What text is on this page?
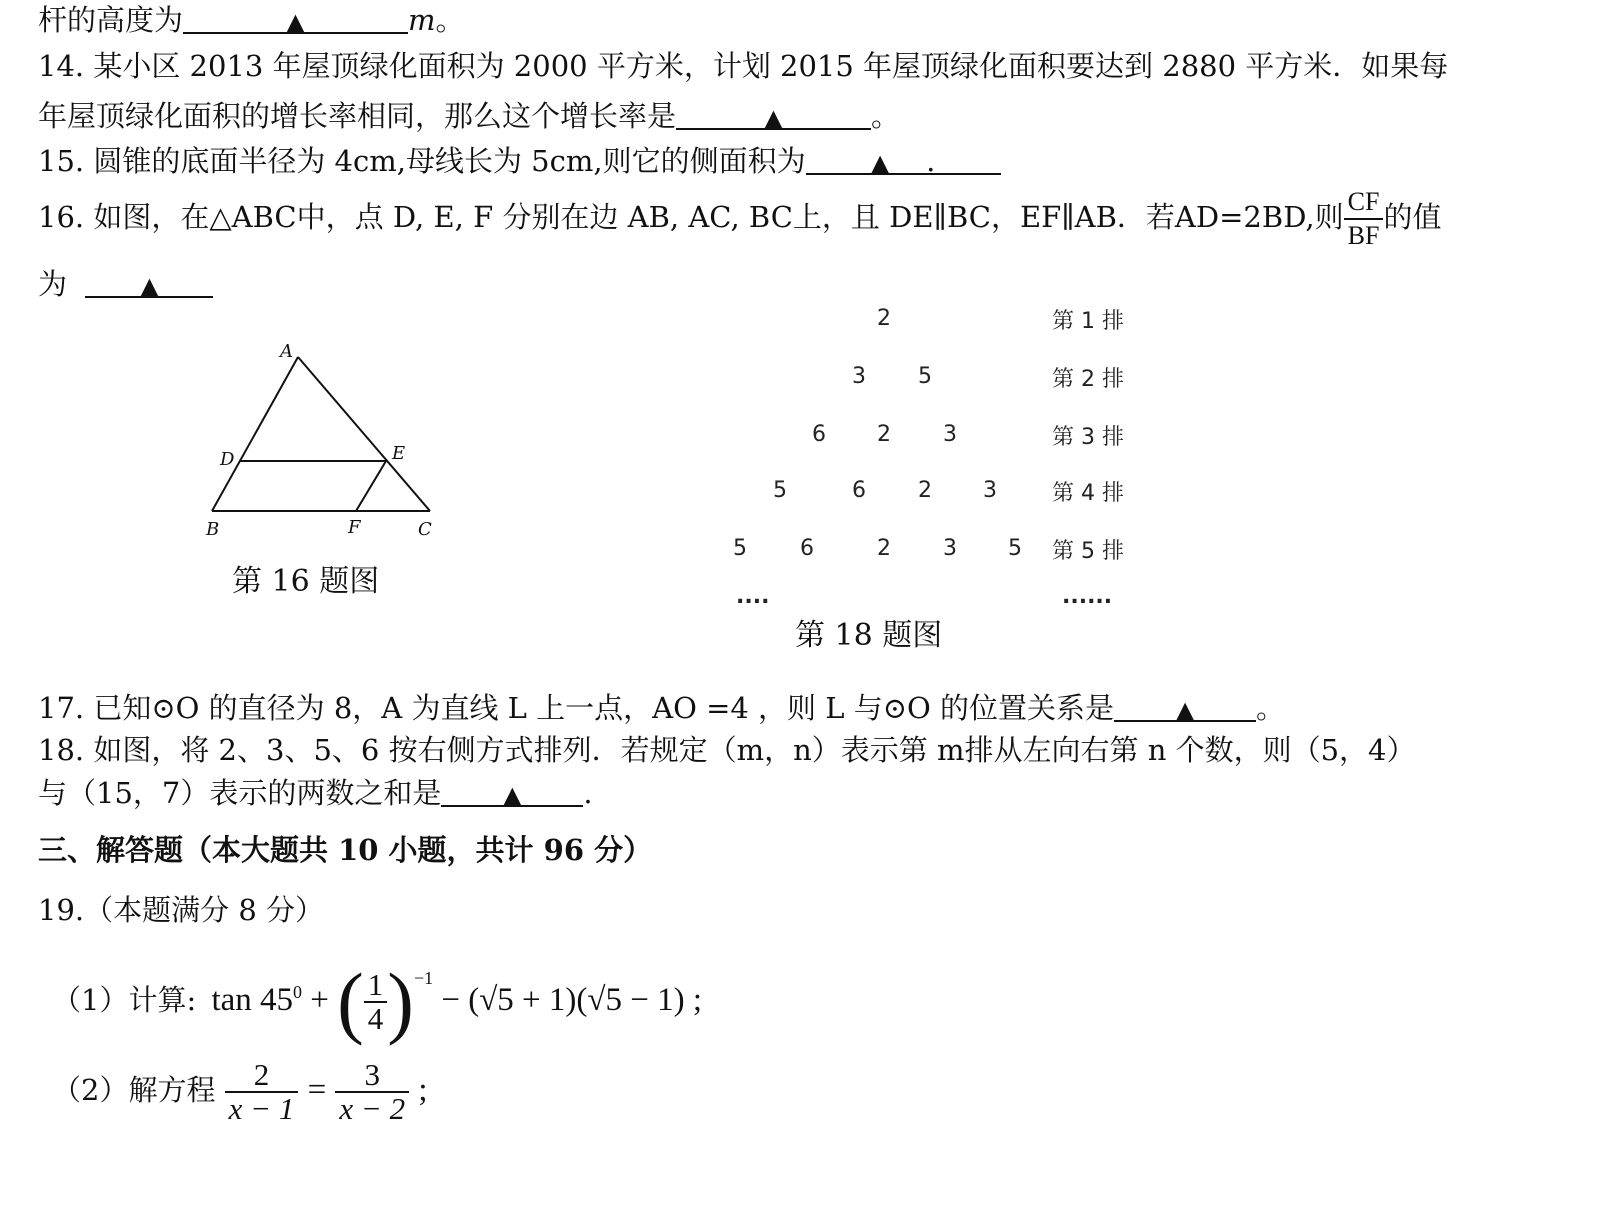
杆的高度为	▲	m。
14. 某小区 2013 年屋顶绿化面积为 2000 平方米，计划 2015 年屋顶绿化面积要达到 2880 平方米．如果每
年屋顶绿化面积的增长率相同，那么这个增长率是	▲	。
15. 圆锥的底面半径为 4cm,母线长为 5cm,则它的侧面积为	▲ .
16. 如图，在△ABC中，点 D, E, F 分别在边 AB, AC, BC上，且 DE∥BC，EF∥AB．若AD=2BD,则 $\frac{CF}{BF}$ 的值
为	▲
A
B	C
D	E
F
第 16 题图
2	第 1 排
3 5	第 2 排
6 2 3	第 3 排
5	6 2 3	第 4 排
5 6	2 3 5 第 5 排
....	......
第 18 题图
17. 已知⊙O 的直径为 8，A 为直线 L 上一点，AO =4 ，则 L 与⊙O 的位置关系是	▲ 。
18. 如图，将 2、3、5、6 按右侧方式排列．若规定（m，n）表示第 m排从左向右第 n 个数，则（5，4）
与（15，7）表示的两数之和是	▲ .
三、解答题（本大题共 10 小题，共计 96 分）
19.（本题满分 8 分）
（1）计算: $\tan 45^0$ + ( $\frac{1}{4} )^{-1} - (√5 + 1)(√5 - 1)$ ;
（2）解方程 $\frac{2}{x - 1} = \frac{3}{x - 2}$ ;
